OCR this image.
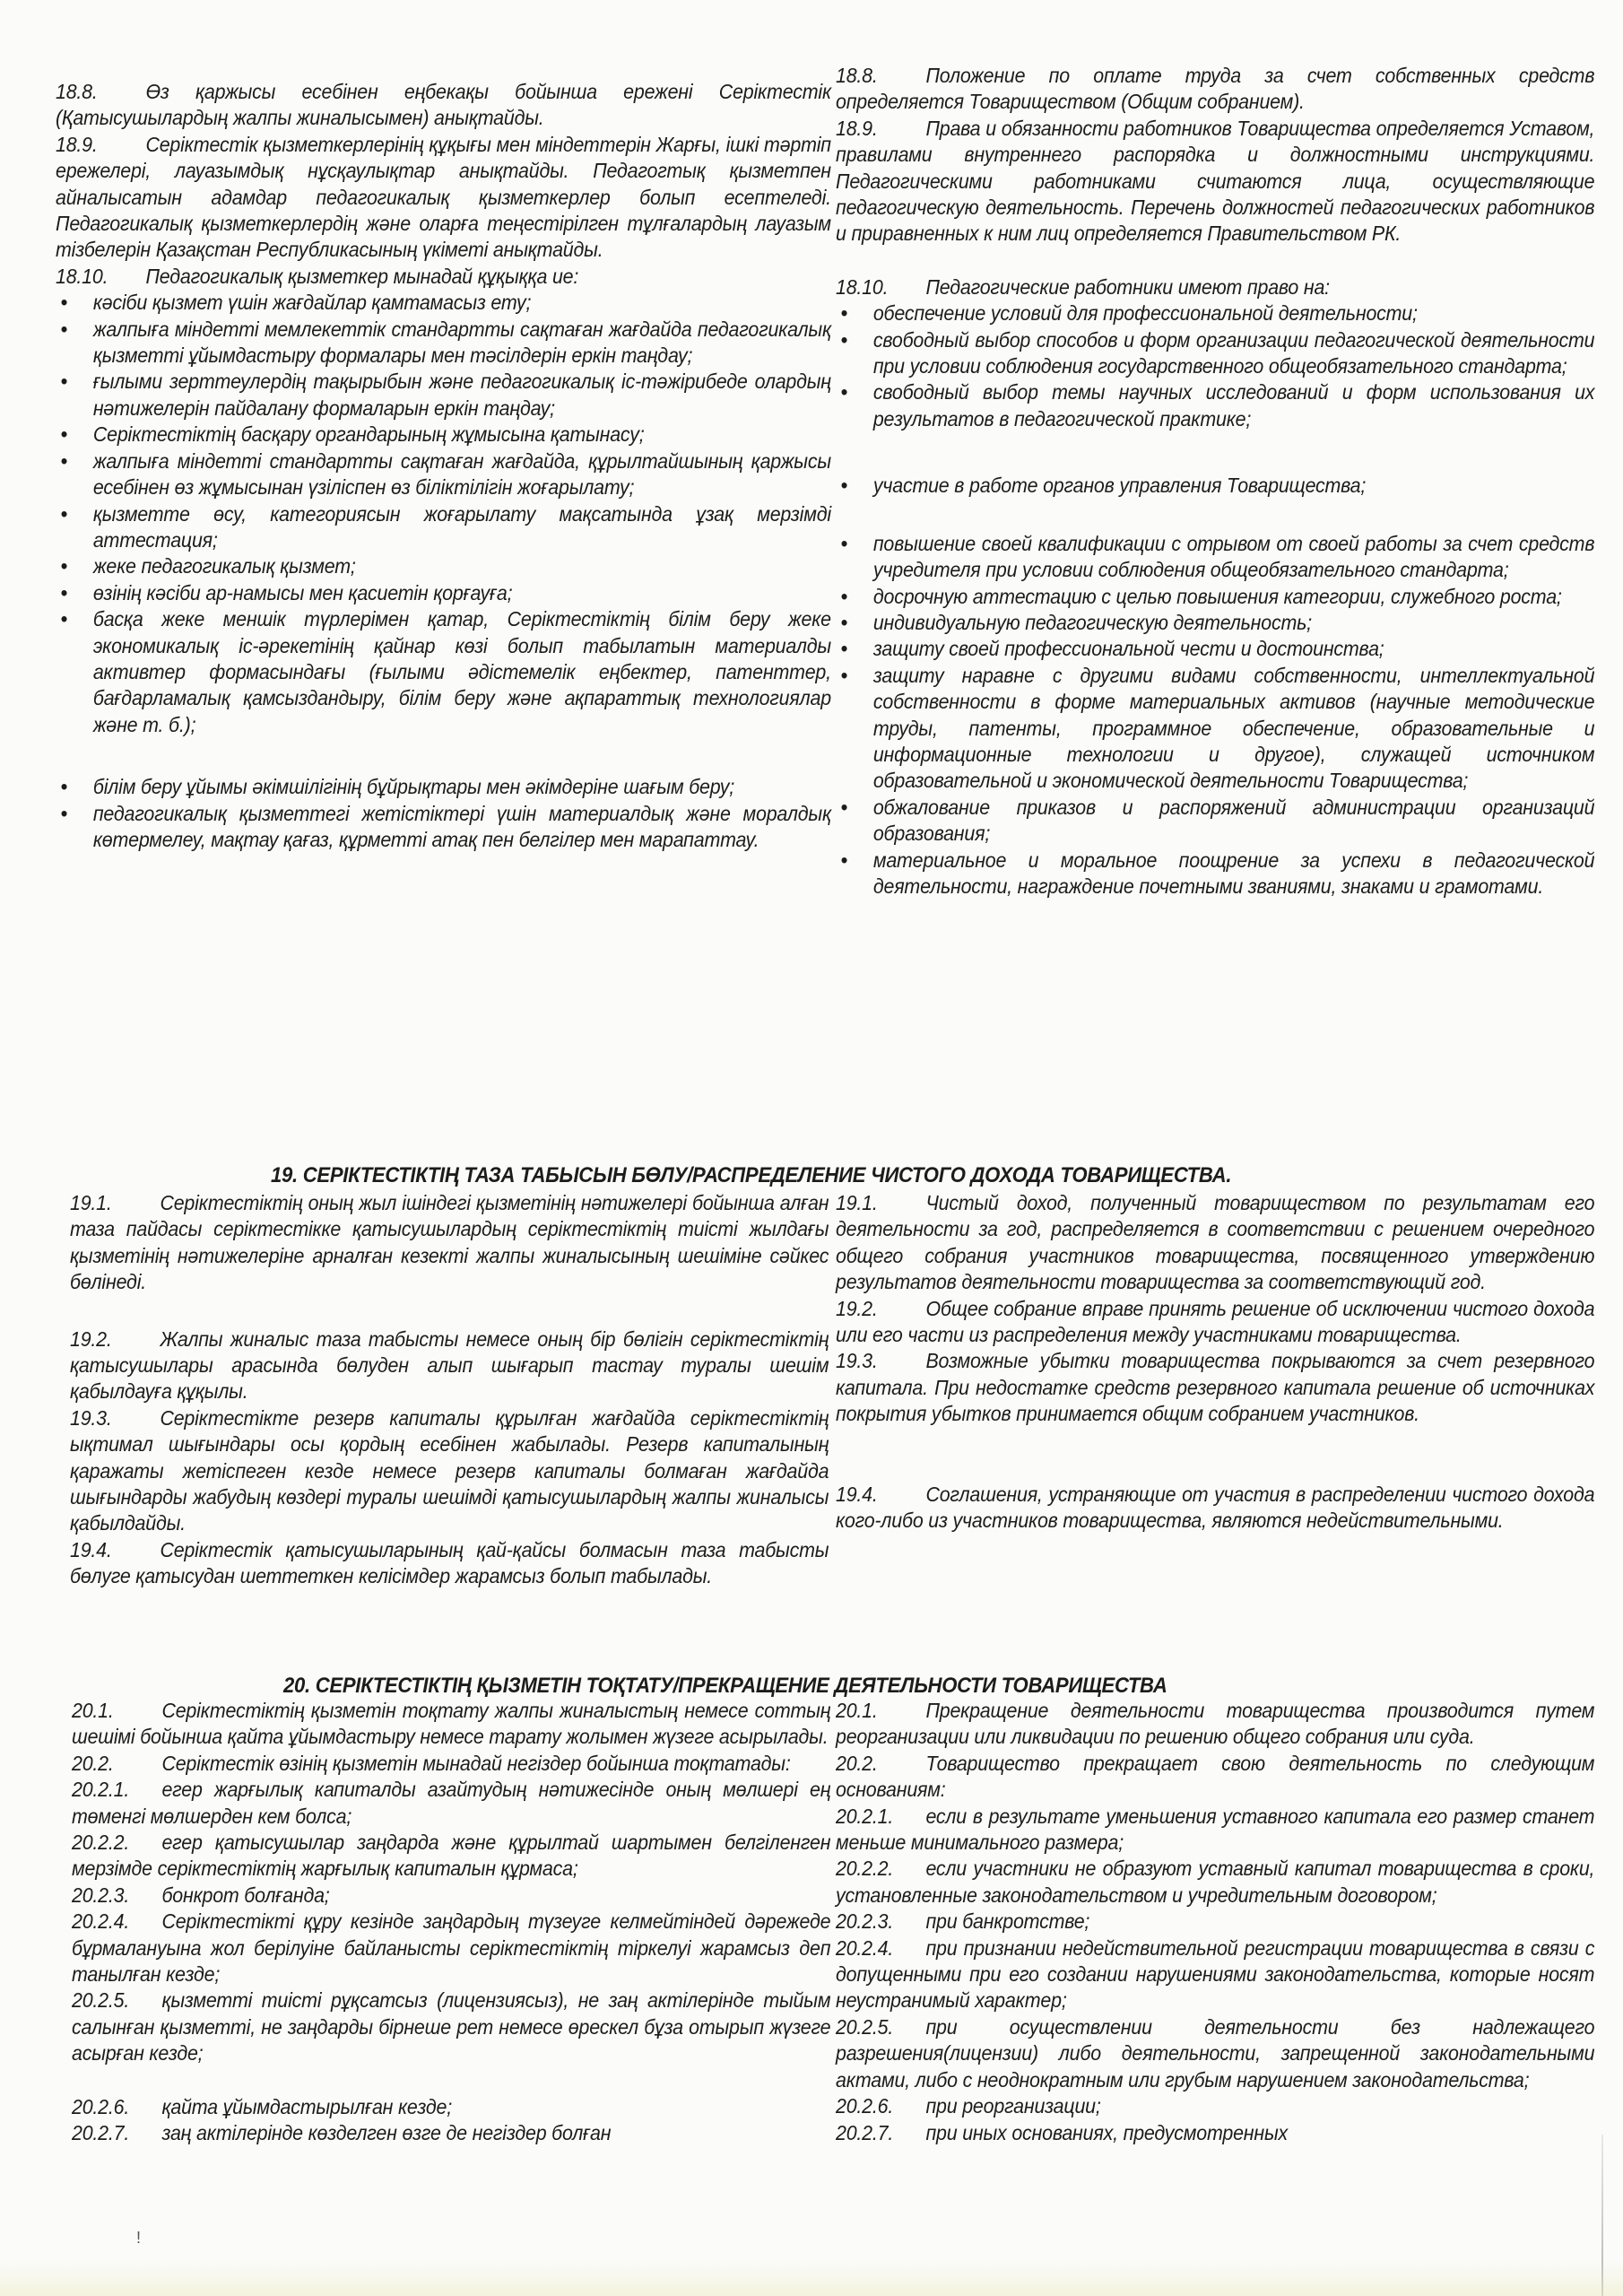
18.8. Өз қаржысы есебінен еңбекақы бойынша ережені Серіктестік (Қатысушылардың жалпы жиналысымен) анықтайды.

18.9. Серіктестік қызметкерлерінің құқығы мен міндеттерін Жарғы, ішкі тәртіп ережелері, лауазымдық нұсқаулықтар анықтайды. Педагогтық қызметпен айналысатын адамдар педагогикалық қызметкерлер болып есептеледі. Педагогикалық қызметкерлердің және оларға теңестірілген тұлғалардың лауазым тізбелерін Қазақстан Республикасының үкіметі анықтайды.

18.10. Педагогикалық қызметкер мынадай құқыққа ие:

• кәсіби қызмет үшін жағдайлар қамтамасыз ету;
• жалпыға міндетті мемлекеттік стандартты сақтаған жағдайда педагогикалық қызметті ұйымдастыру формалары мен тәсілдерін еркін таңдау;
• ғылыми зерттеулердің тақырыбын және педагогикалық іс-тәжірибеде олардың нәтижелерін пайдалану формаларын еркін таңдау;
• Серіктестіктің басқару органдарының жұмысына қатынасу;
• жалпыға міндетті стандартты сақтаған жағдайда, құрылтайшының қаржысы есебінен өз жұмысынан үзіліспен өз біліктілігін жоғарылату;
• қызметте өсу, категориясын жоғарылату мақсатында ұзақ мерзімді аттестация;
• жеке педагогикалық қызмет;
• өзінің кәсіби ар-намысы мен қасиетін қорғауға;
• басқа жеке меншік түрлерімен қатар, Серіктестіктің білім беру жеке экономикалық іс-әрекетінің қайнар көзі болып табылатын материалды активтер формасындағы (ғылыми әдістемелік еңбектер, патенттер, бағдарламалық қамсыздандыру, білім беру және ақпараттық технологиялар және т. б.);
• білім беру ұйымы әкімшілігінің бұйрықтары мен әкімдеріне шағым беру;
• педагогикалық қызметтегі жетістіктері үшін материалдық және моралдық көтермелеу, мақтау қағаз, құрметті атақ пен белгілер мен марапаттау.

18.8. Положение по оплате труда за счет собственных средств определяется Товариществом (Общим собранием).

18.9. Права и обязанности работников Товарищества определяется Уставом, правилами внутреннего распорядка и должностными инструкциями. Педагогическими работниками считаются лица, осуществляющие педагогическую деятельность. Перечень должностей педагогических работников и приравненных к ним лиц определяется Правительством РК.

18.10. Педагогические работники имеют право на:

• обеспечение условий для профессиональной деятельности;
• свободный выбор способов и форм организации педагогической деятельности при условии соблюдения государственного общеобязательного стандарта;
• свободный выбор темы научных исследований и форм использования их результатов в педагогической практике;
• участие в работе органов управления Товарищества;
• повышение своей квалификации с отрывом от своей работы за счет средств учредителя при условии соблюдения общеобязательного стандарта;
• досрочную аттестацию с целью повышения категории, служебного роста;
• индивидуальную педагогическую деятельность;
• защиту своей профессиональной чести и достоинства;
• защиту наравне с другими видами собственности, интеллектуальной собственности в форме материальных активов (научные методические труды, патенты, программное обеспечение, образовательные и информационные технологии и другое), служащей источником образовательной и экономической деятельности Товарищества;
• обжалование приказов и распоряжений администрации организаций образования;
• материальное и моральное поощрение за успехи в педагогической деятельности, награждение почетными званиями, знаками и грамотами.
19. СЕРІКТЕСТІКТІҢ ТАЗА ТАБЫСЫН БӨЛУ/РАСПРЕДЕЛЕНИЕ ЧИСТОГО ДОХОДА ТОВАРИЩЕСТВА.

19.1. Серіктестіктің оның жыл ішіндегі қызметінің нәтижелері бойынша алған таза пайдасы серіктестікке қатысушылардың серіктестіктің тиісті жылдағы қызметінің нәтижелеріне арналған кезекті жалпы жиналысының шешіміне сәйкес бөлінеді.

19.2. Жалпы жиналыс таза табысты немесе оның бір бөлігін серіктестіктің қатысушылары арасында бөлуден алып шығарып тастау туралы шешім қабылдауға құқылы.

19.3. Серіктестікте резерв капиталы құрылған жағдайда серіктестіктің ықтимал шығындары осы қордың есебінен жабылады. Резерв капиталының қаражаты жетіспеген кезде немесе резерв капиталы болмаған жағдайда шығындарды жабудың көздері туралы шешімді қатысушылардың жалпы жиналысы қабылдайды.

19.4. Серіктестік қатысушыларының қай-қайсы болмасын таза табысты бөлуге қатысудан шеттеткен келісімдер жарамсыз болып табылады.

19.1. Чистый доход, полученный товариществом по результатам его деятельности за год, распределяется в соответствии с решением очередного общего собрания участников товарищества, посвященного утверждению результатов деятельности товарищества за соответствующий год.

19.2. Общее собрание вправе принять решение об исключении чистого дохода или его части из распределения между участниками товарищества.

19.3. Возможные убытки товарищества покрываются за счет резервного капитала. При недостатке средств резервного капитала решение об источниках покрытия убытков принимается общим собранием участников.

19.4. Соглашения, устраняющие от участия в распределении чистого дохода кого-либо из участников товарищества, являются недействительными.

20. СЕРІКТЕСТІКТІҢ ҚЫЗМЕТІН ТОҚТАТУ/ПРЕКРАЩЕНИЕ ДЕЯТЕЛЬНОСТИ ТОВАРИЩЕСТВА

20.1. Серіктестіктің қызметін тоқтату жалпы жиналыстың немесе соттың шешімі бойынша қайта ұйымдастыру немесе тарату жолымен жүзеге асырылады.

20.2. Серіктестік өзінің қызметін мынадай негіздер бойынша тоқтатады:

20.2.1. егер жарғылық капиталды азайтудың нәтижесінде оның мөлшері ең төменгі мөлшерден кем болса;

20.2.2. егер қатысушылар заңдарда және құрылтай шартымен белгіленген мерзімде серіктестіктің жарғылық капиталын құрмаса;

20.2.3. бонкрот болғанда;

20.2.4. Серіктестікті құру кезінде заңдардың түзеуге келмейтіндей дәрежеде бұрмалануына жол берілуіне байланысты серіктестіктің тіркелуі жарамсыз деп танылған кезде;

20.2.5. қызметті тиісті рұқсатсыз (лицензиясыз), не заң актілерінде тыйым салынған қызметті, не заңдарды бірнеше рет немесе өрескел бұза отырып жүзеге асырған кезде;

20.2.6. қайта ұйымдастырылған кезде;

20.2.7. заң актілерінде көзделген өзге де негіздер болған

20.1. Прекращение деятельности товарищества производится путем реорганизации или ликвидации по решению общего собрания или суда.

20.2. Товарищество прекращает свою деятельность по следующим основаниям:

20.2.1. если в результате уменьшения уставного капитала его размер станет меньше минимального размера;

20.2.2. если участники не образуют уставный капитал товарищества в сроки, установленные законодательством и учредительным договором;

20.2.3. при банкротстве;

20.2.4. при признании недействительной регистрации товарищества в связи с допущенными при его создании нарушениями законодательства, которые носят неустранимый характер;

20.2.5. при осуществлении деятельности без надлежащего разрешения(лицензии) либо деятельности, запрещенной законодательными актами, либо с неоднократным или грубым нарушением законодательства;

20.2.6. при реорганизации;

20.2.7. при иных основаниях, предусмотренных

ǃ
